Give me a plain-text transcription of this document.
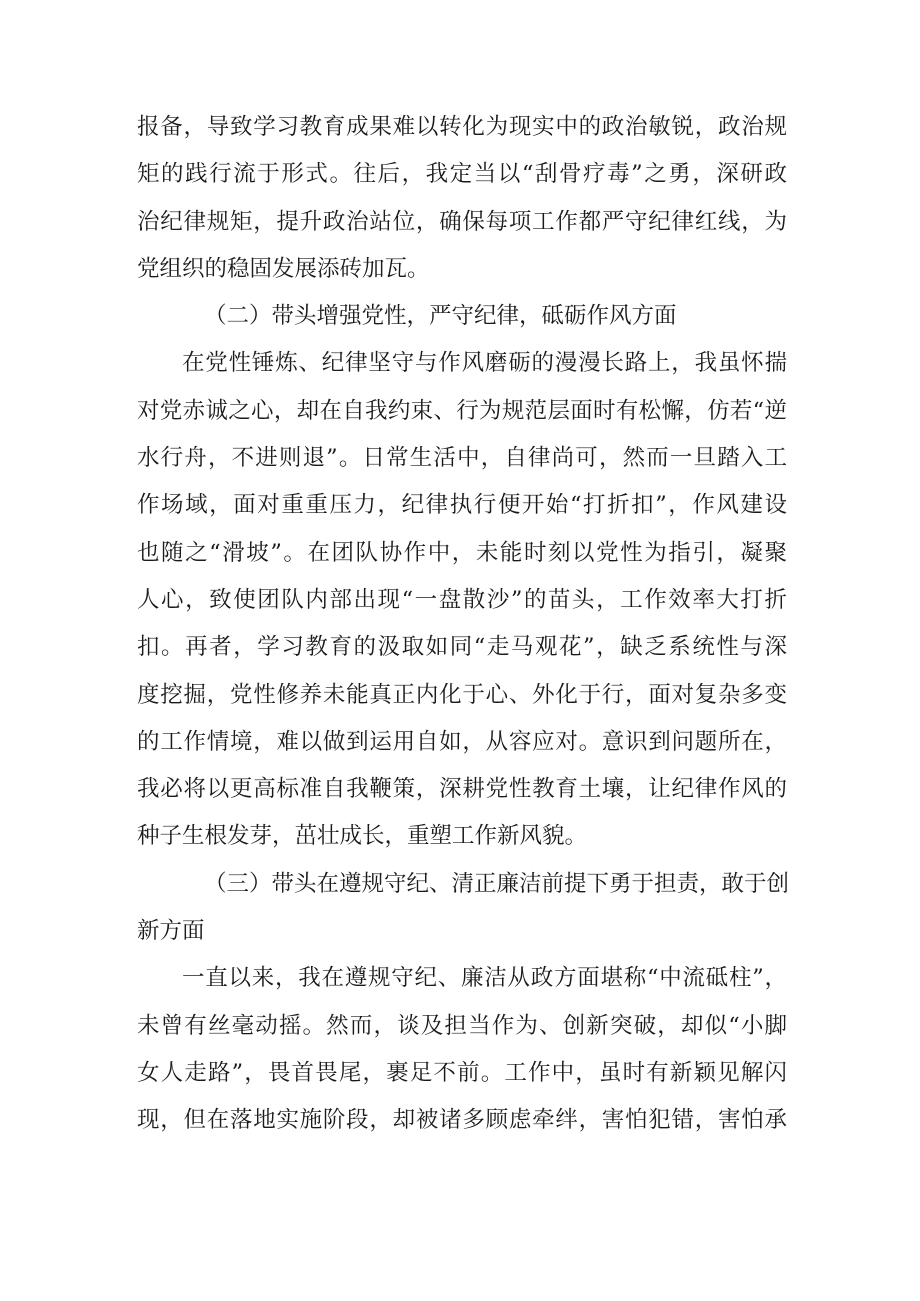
报备，导致学习教育成果难以转化为现实中的政治敏锐，政治规
矩的践行流于形式。往后，我定当以“刮骨疗毒”之勇，深研政
治纪律规矩，提升政治站位，确保每项工作都严守纪律红线，为
党组织的稳固发展添砖加瓦。
（二）带头增强党性，严守纪律，砥砺作风方面
在党性锤炼、纪律坚守与作风磨砺的漫漫长路上，我虽怀揣
对党赤诚之心，却在自我约束、行为规范层面时有松懈，仿若“逆
水行舟，不进则退”。日常生活中，自律尚可，然而一旦踏入工
作场域，面对重重压力，纪律执行便开始“打折扣”，作风建设
也随之“滑坡”。在团队协作中，未能时刻以党性为指引，凝聚
人心，致使团队内部出现“一盘散沙”的苗头，工作效率大打折
扣。再者，学习教育的汲取如同“走马观花”，缺乏系统性与深
度挖掘，党性修养未能真正内化于心、外化于行，面对复杂多变
的工作情境，难以做到运用自如，从容应对。意识到问题所在，
我必将以更高标准自我鞭策，深耕党性教育土壤，让纪律作风的
种子生根发芽，茁壮成长，重塑工作新风貌。
（三）带头在遵规守纪、清正廉洁前提下勇于担责，敢于创
新方面
一直以来，我在遵规守纪、廉洁从政方面堪称“中流砥柱”，
未曾有丝毫动摇。然而，谈及担当作为、创新突破，却似“小脚
女人走路”，畏首畏尾，裹足不前。工作中，虽时有新颖见解闪
现，但在落地实施阶段，却被诸多顾虑牵绊，害怕犯错，害怕承
